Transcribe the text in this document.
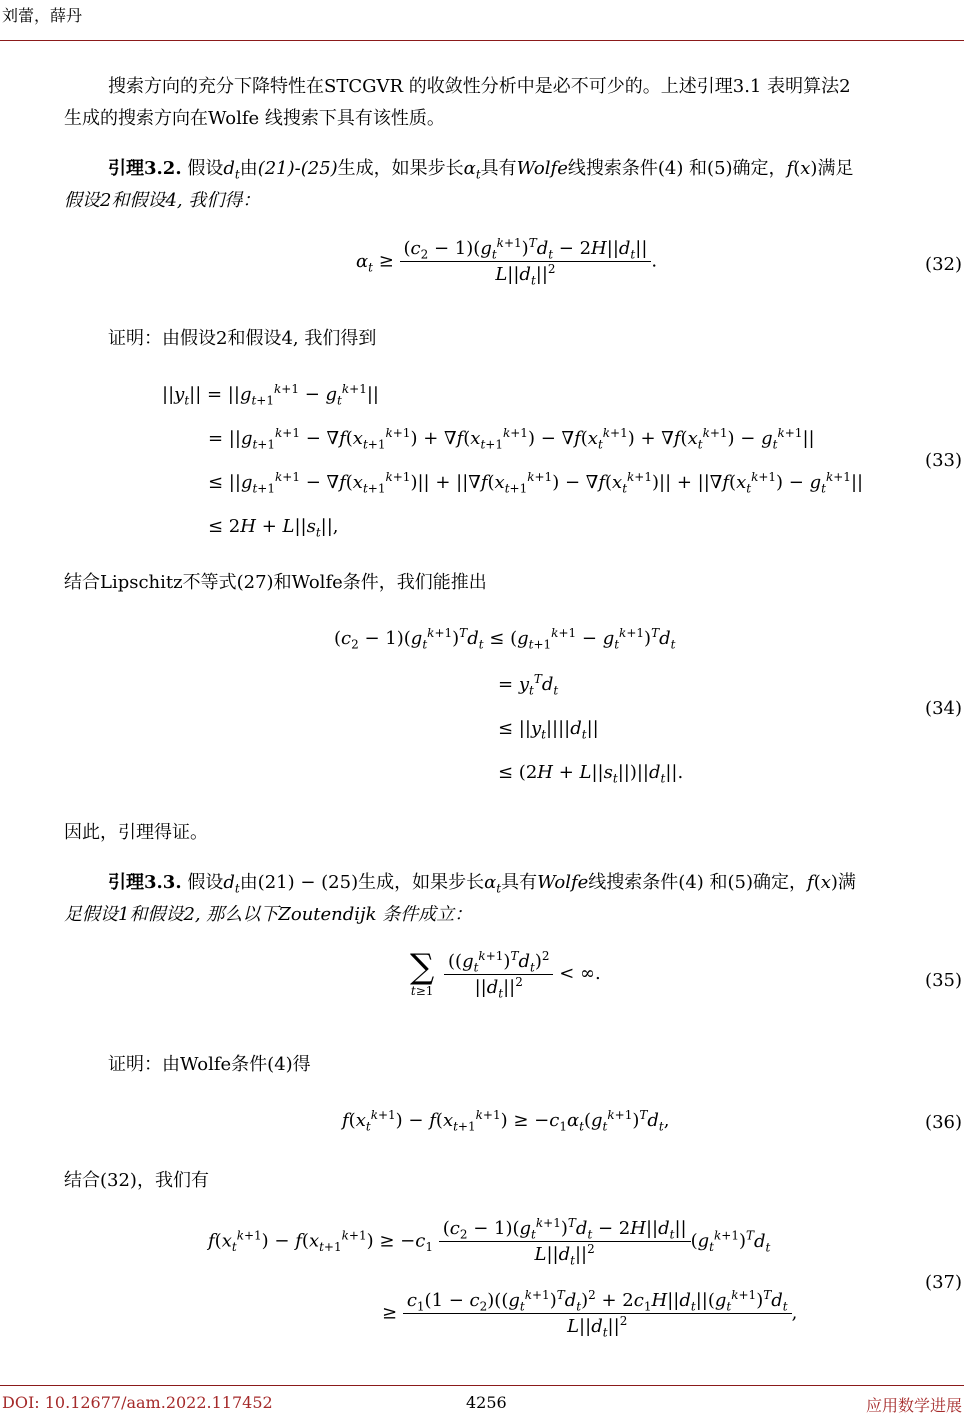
刘蕾，薛丹
搜索方向的充分下降特性在STCGVR 的收敛性分析中是必不可少的。上述引理3.1 表明算法2
生成的搜索方向在Wolfe 线搜索下具有该性质。
引理3.2. 假设$d_t$由(21)-(25)生成，如果步长$\alpha_t$具有Wolfe线搜索条件(4) 和(5)确定，f(x)满足
假设2和假设4, 我们得：
$\alpha_t \ge \frac{(c_2 - 1)(g_t^{k+1})^Td_t - 2H||d_t||}{L||d_t||^2}$ .	(32)
证明：由假设2和假设4, 我们得到
$||y_t|| = ||g_{t+1}^{k+1} - g_t^{k+1}||$
= $||g_{t+1}^{k+1} - \nabla f(x_{t+1}^{k+1}) + \nabla f(x_{t+1}^{k+1}) - \nabla f(x_t^{k+1}) + \nabla f(x_t^{k+1}) - g_t^{k+1}||$
≤ $||g_{t+1}^{k+1} - \nabla f(x_{t+1}^{k+1})|| + ||\nabla f(x_{t+1}^{k+1}) - \nabla f(x_t^{k+1})|| + ||\nabla f(x_t^{k+1}) - g_t^{k+1}||$
≤ $2H + L||s_t||$,
(33)
结合Lipschitz不等式(27)和Wolfe条件，我们能推出
$(c_2 - 1)(g_t^{k+1})^Td_t \le (g_{t+1}^{k+1} - g_t^{k+1})^Td_t$
= $y_t^Td_t$
≤ $||y_t||||d_t||$
≤ $(2H + L||s_t||)||d_t||$.
(34)
因此，引理得证。
引理3.3. 假设$d_t$由(21) − (25)生成，如果步长$\alpha_t$具有Wolfe线搜索条件(4) 和(5)确定，f(x)满
足假设1和假设2, 那么以下Zoutendijk 条件成立：
∑
t≥1
$\frac{((g_t^{k+1})^Td_t)^2}{||d_t||^2}$ < ∞.	(35)
证明：由Wolfe条件(4)得
$f(x_t^{k+1}) - f(x_{t+1}^{k+1}) \ge -c_1\alpha_t(g_t^{k+1})^Td_t$,	(36)
结合(32)，我们有
$f(x_t^{k+1}) - f(x_{t+1}^{k+1}) \ge -c_1 \frac{(c_2 - 1)(g_t^{k+1})^Td_t - 2H||d_t||}{L||d_t||^2} (g_t^{k+1})^Td_t$
≥ $\frac{c_1(1 - c_2)((g_t^{k+1})^Td_t)^2 + 2c_1H||d_t||(g_t^{k+1})^Td_t}{L||d_t||^2}$ ,
(37)
DOI: 10.12677/aam.2022.117452	4256	应用数学进展
